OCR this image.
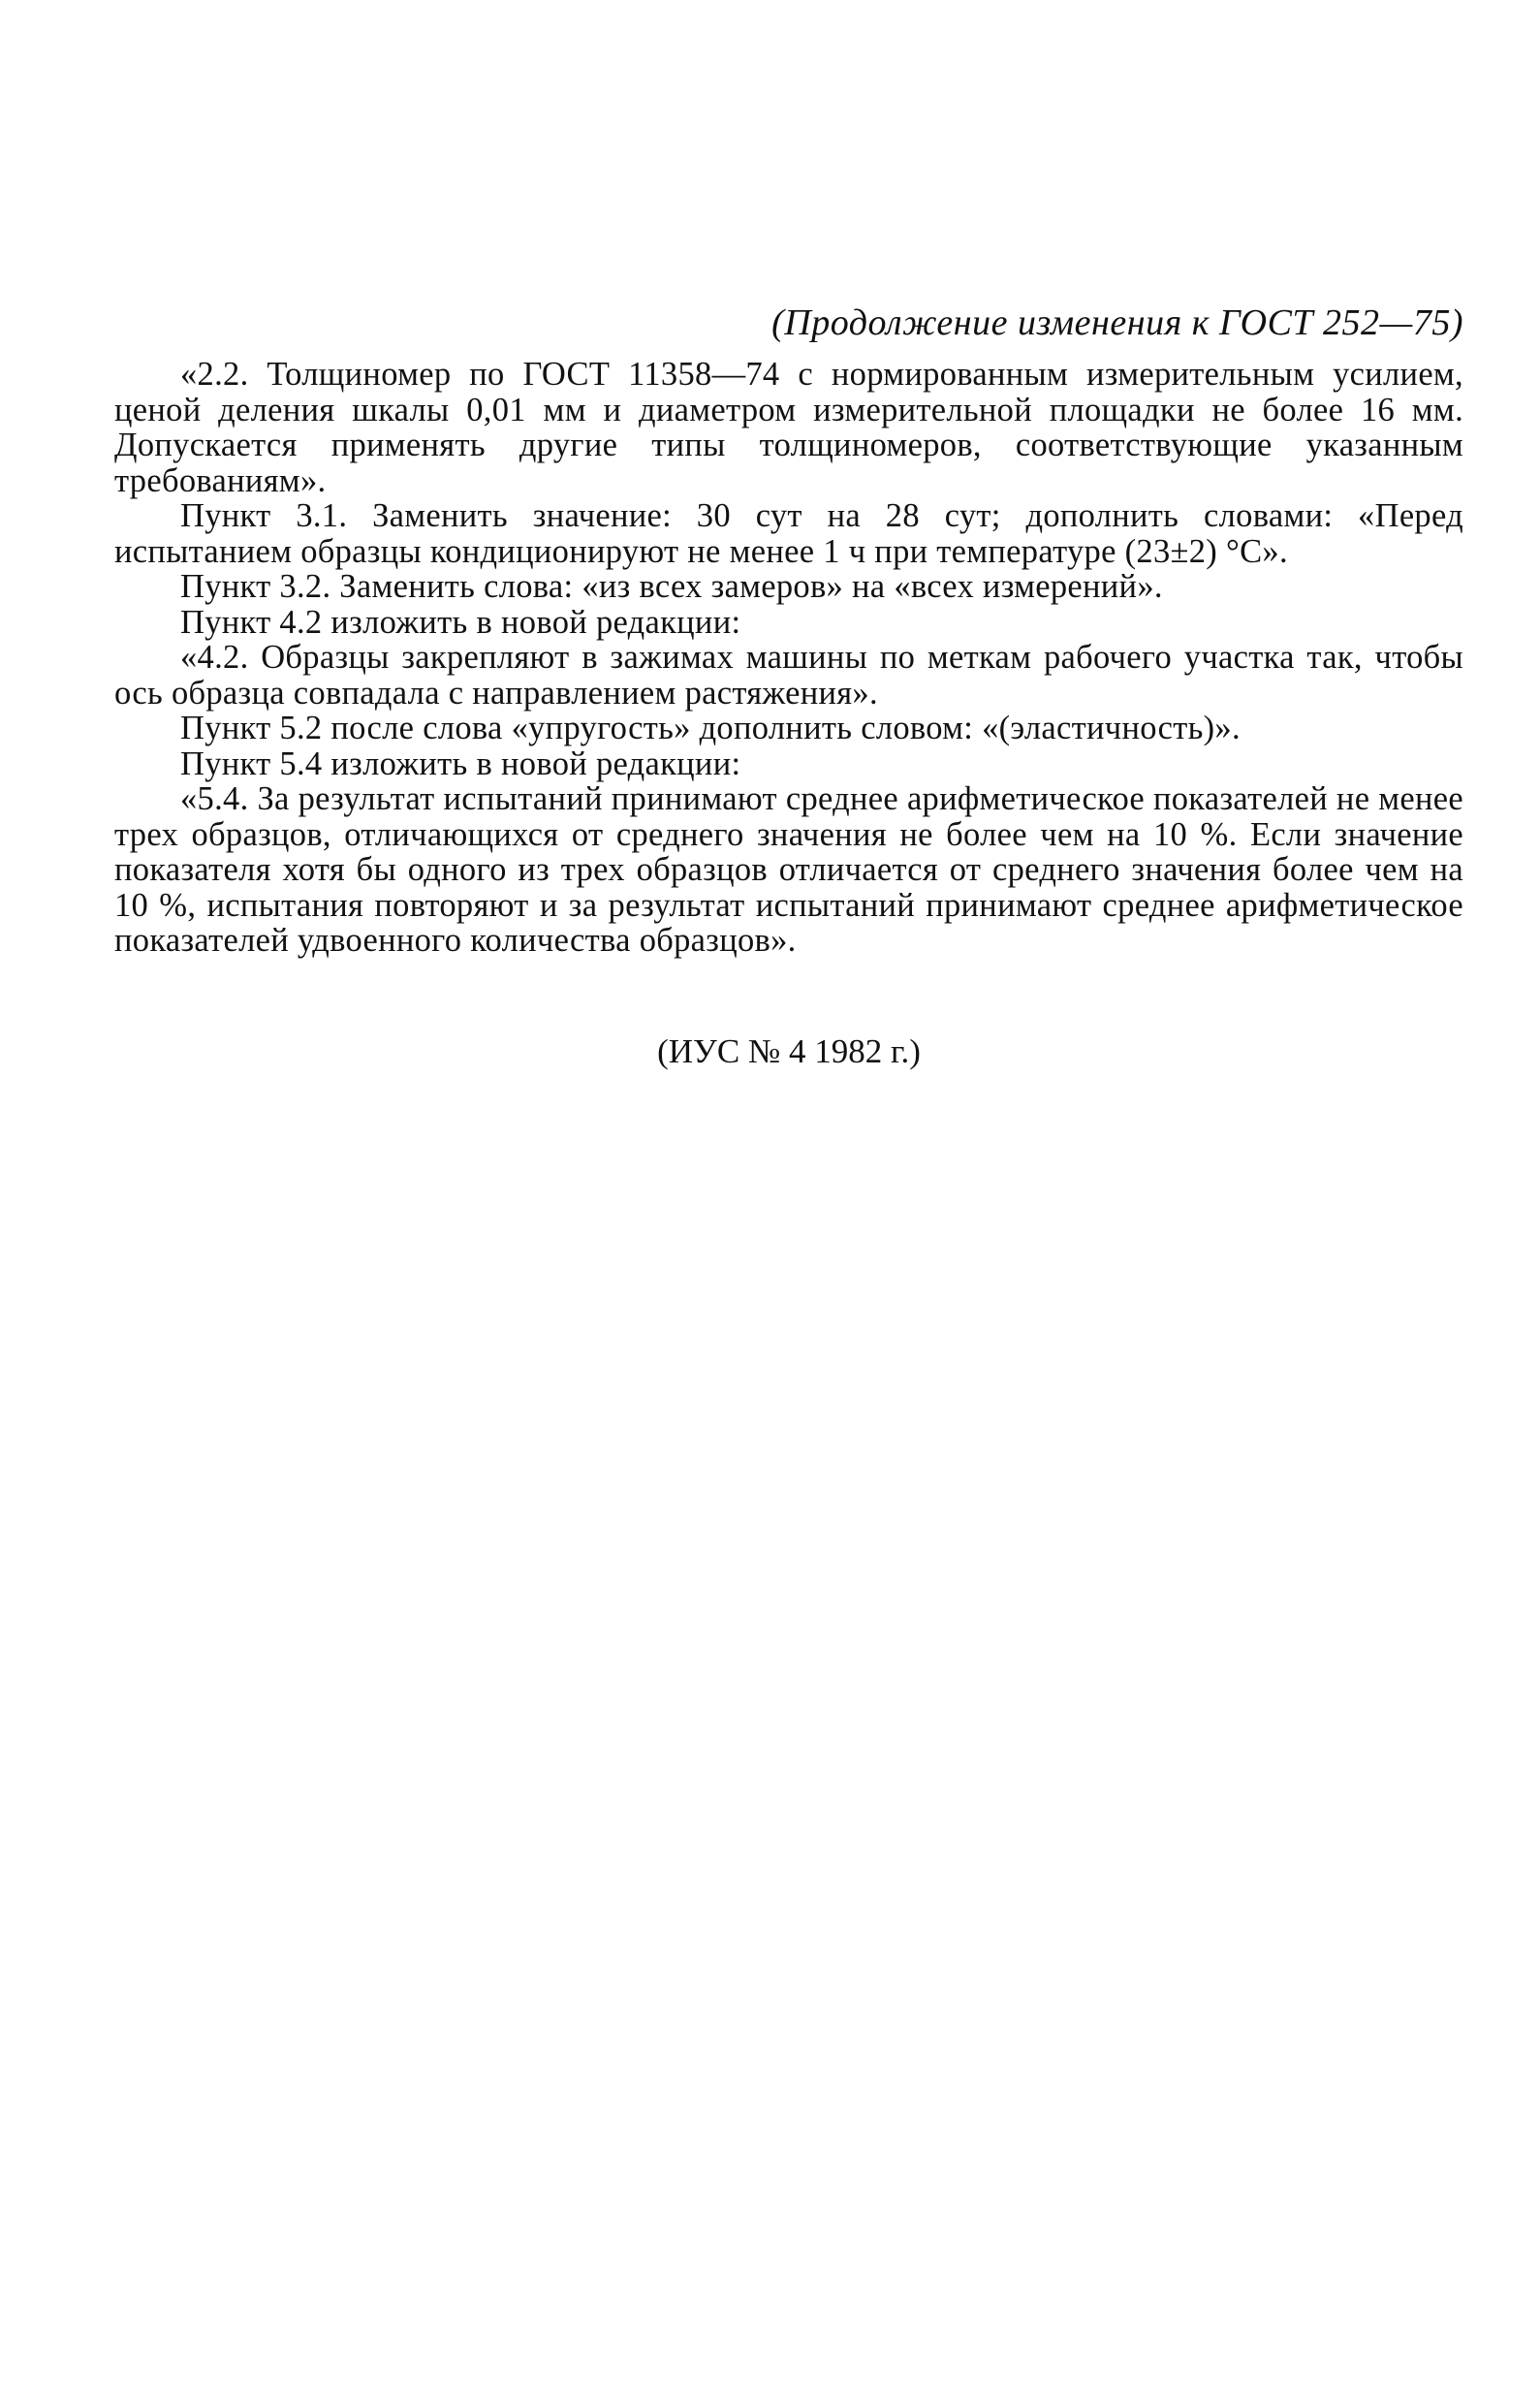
(Продолжение изменения к ГОСТ 252—75)

«2.2. Толщиномер по ГОСТ 11358—74 с нормированным измерительным усилием, ценой деления шкалы 0,01 мм и диаметром измерительной площадки не более 16 мм. Допускается применять другие типы толщиномеров, соответствующие указанным требованиям».

Пункт 3.1. Заменить значение: 30 сут на 28 сут; дополнить словами: «Перед испытанием образцы кондиционируют не менее 1 ч при температуре (23±2) °С».

Пункт 3.2. Заменить слова: «из всех замеров» на «всех измерений».

Пункт 4.2 изложить в новой редакции:

«4.2. Образцы закрепляют в зажимах машины по меткам рабочего участка так, чтобы ось образца совпадала с направлением растяжения».

Пункт 5.2 после слова «упругость» дополнить словом: «(эластичность)».

Пункт 5.4 изложить в новой редакции:

«5.4. За результат испытаний принимают среднее арифметическое показателей не менее трех образцов, отличающихся от среднего значения не более чем на 10 %. Если значение показателя хотя бы одного из трех образцов отличается от среднего значения более чем на 10 %, испытания повторяют и за результат испытаний принимают среднее арифметическое показателей удвоенного количества образцов».

(ИУС № 4 1982 г.)
